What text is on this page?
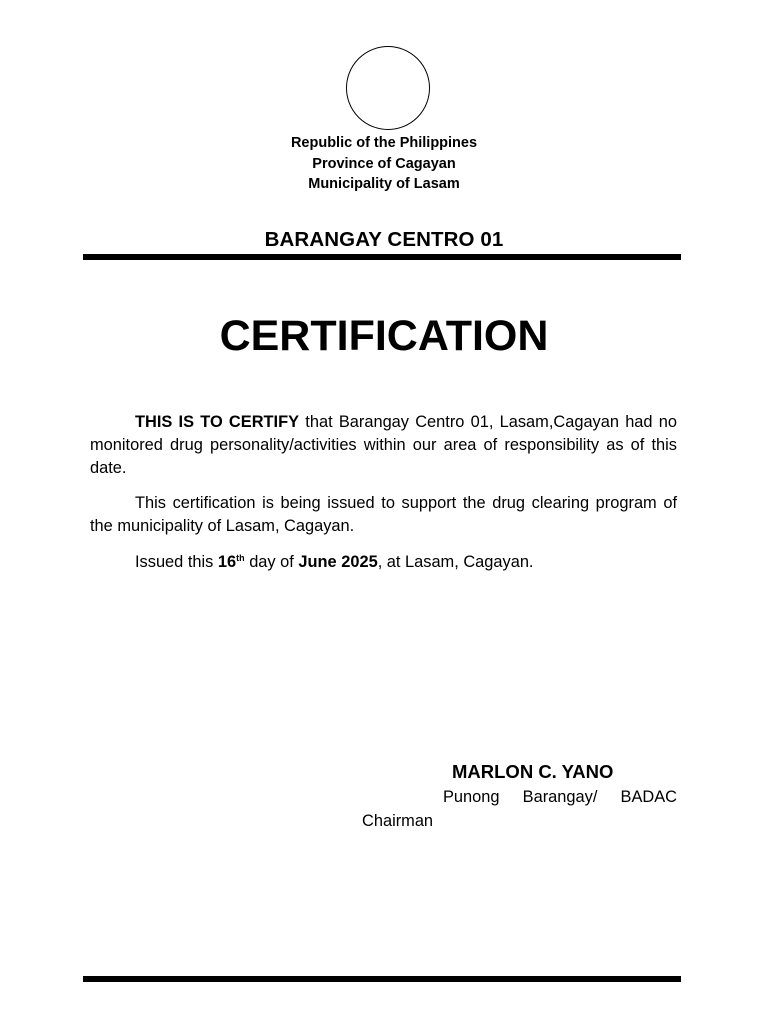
Republic of the Philippines
Province of Cagayan
Municipality of Lasam
BARANGAY CENTRO 01
CERTIFICATION
THIS IS TO CERTIFY that Barangay Centro 01, Lasam,Cagayan had no monitored drug personality/activities within our area of responsibility as of this date.
This certification is being issued to support the drug clearing program of the municipality of Lasam, Cagayan.
Issued this 16th day of June 2025, at Lasam, Cagayan.
MARLON C. YANO
Punong Barangay/ BADAC
Chairman
